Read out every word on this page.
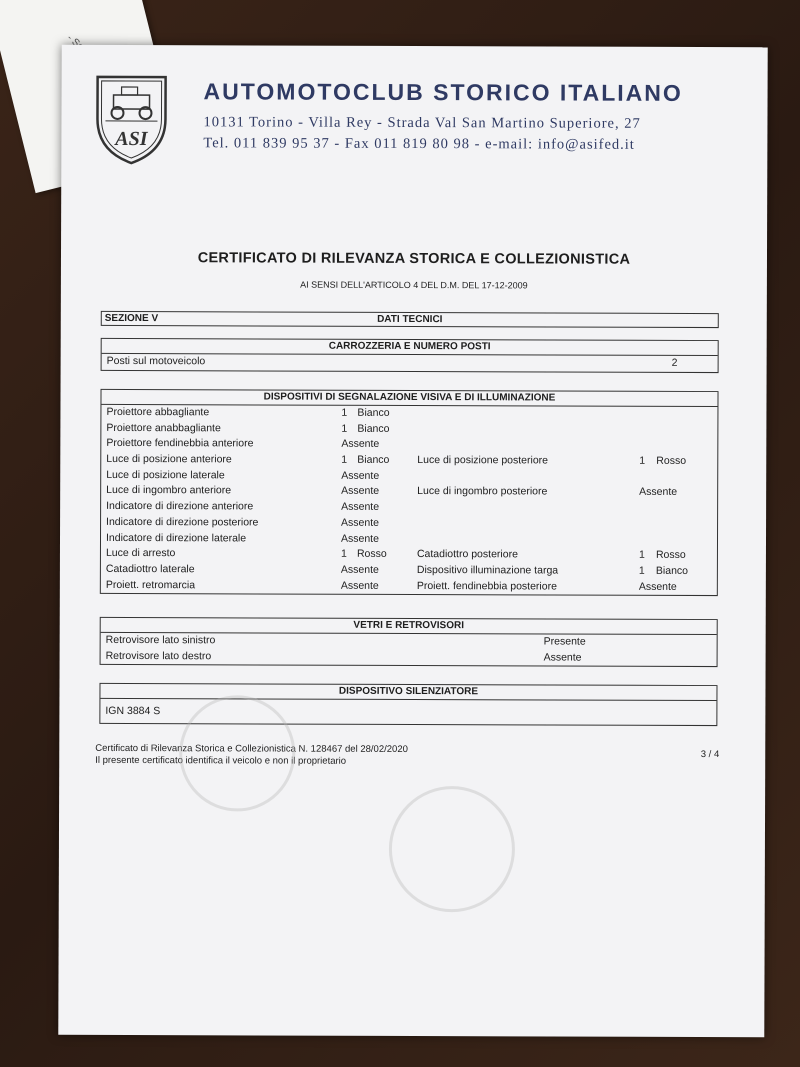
ASI
AUTOMOTOCLUB STORICO ITALIANO
10131 Torino - Villa Rey - Strada Val San Martino Superiore, 27
Tel. 011 839 95 37 - Fax 011 819 80 98 - e-mail: info@asifed.it
CERTIFICATO DI RILEVANZA STORICA E COLLEZIONISTICA
AI SENSI DELL'ARTICOLO 4 DEL D.M. DEL 17-12-2009
DATI TECNICI
SEZIONE V
CARROZZERIA E NUMERO POSTI
Posti sul motoveicolo	2
DISPOSITIVI DI SEGNALAZIONE VISIVA E DI ILLUMINAZIONE
Proiettore abbagliante	1 Bianco
Proiettore anabbagliante	1 Bianco
Proiettore fendinebbia anteriore	Assente
Luce di posizione anteriore	1 Bianco	Luce di posizione posteriore	1 Rosso
Luce di posizione laterale	Assente
Luce di ingombro anteriore	Assente	Luce di ingombro posteriore	Assente
Indicatore di direzione anteriore	Assente
Indicatore di direzione posteriore	Assente
Indicatore di direzione laterale	Assente
Luce di arresto	1 Rosso	Catadiottro posteriore	1 Rosso
Catadiottro laterale	Assente	Dispositivo illuminazione targa	1 Bianco
Proiett. retromarcia	Assente	Proiett. fendinebbia posteriore	Assente
VETRI E RETROVISORI
Retrovisore lato sinistro	Presente
Retrovisore lato destro	Assente
DISPOSITIVO SILENZIATORE
IGN 3884 S
Certificato di Rilevanza Storica e Collezionistica N. 128467 del 28/02/2020
Il presente certificato identifica il veicolo e non il proprietario
3 / 4
